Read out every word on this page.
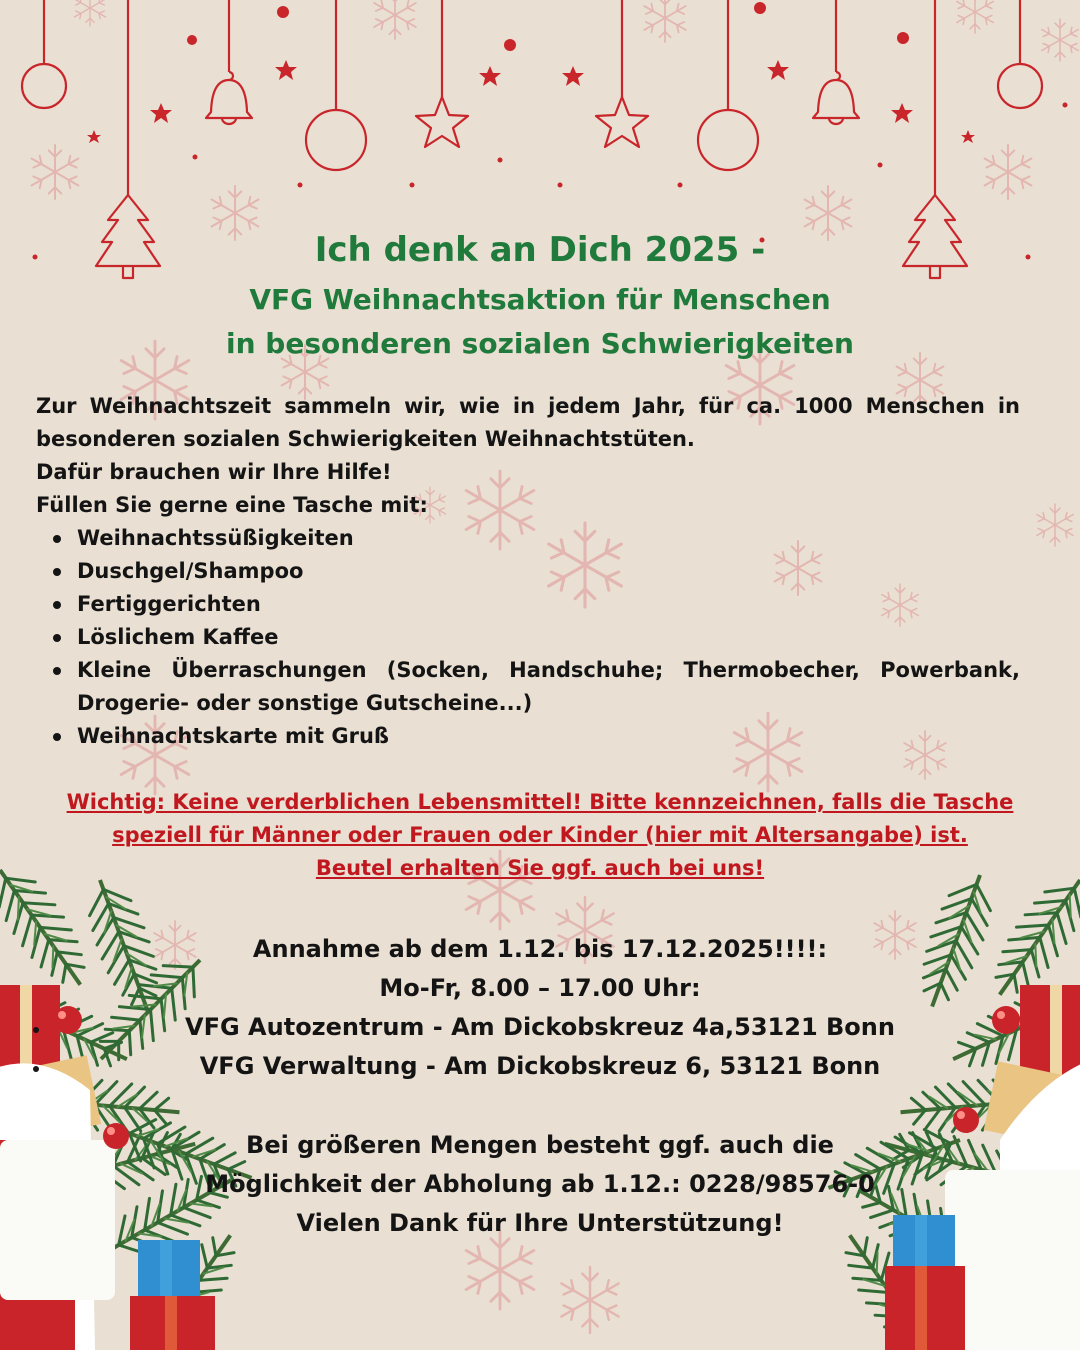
Ich denk an Dich 2025 -
VFG Weihnachtsaktion für Menschen
in besonderen sozialen Schwierigkeiten

Zur Weihnachtszeit sammeln wir, wie in jedem Jahr, für ca. 1000 Menschen in besonderen sozialen Schwierigkeiten Weihnachtstüten.

Dafür brauchen wir Ihre Hilfe!

Füllen Sie gerne eine Tasche mit:

Weihnachtssüßigkeiten
Duschgel/Shampoo
Fertiggerichten
Löslichem Kaffee
Kleine Überraschungen (Socken, Handschuhe; Thermobecher, Powerbank, Drogerie- oder sonstige Gutscheine...)
Weihnachtskarte mit Gruß

Wichtig: Keine verderblichen Lebensmittel! Bitte kennzeichnen, falls die Tasche

speziell für Männer oder Frauen oder Kinder (hier mit Altersangabe) ist.

Beutel erhalten Sie ggf. auch bei uns!

Annahme ab dem 1.12. bis 17.12.2025!!!!:

Mo-Fr, 8.00 – 17.00 Uhr:

VFG Autozentrum - Am Dickobskreuz 4a,53121 Bonn

VFG Verwaltung - Am Dickobskreuz 6, 53121 Bonn

Bei größeren Mengen besteht ggf. auch die

Möglichkeit der Abholung ab 1.12.: 0228/98576-0

Vielen Dank für Ihre Unterstützung!
